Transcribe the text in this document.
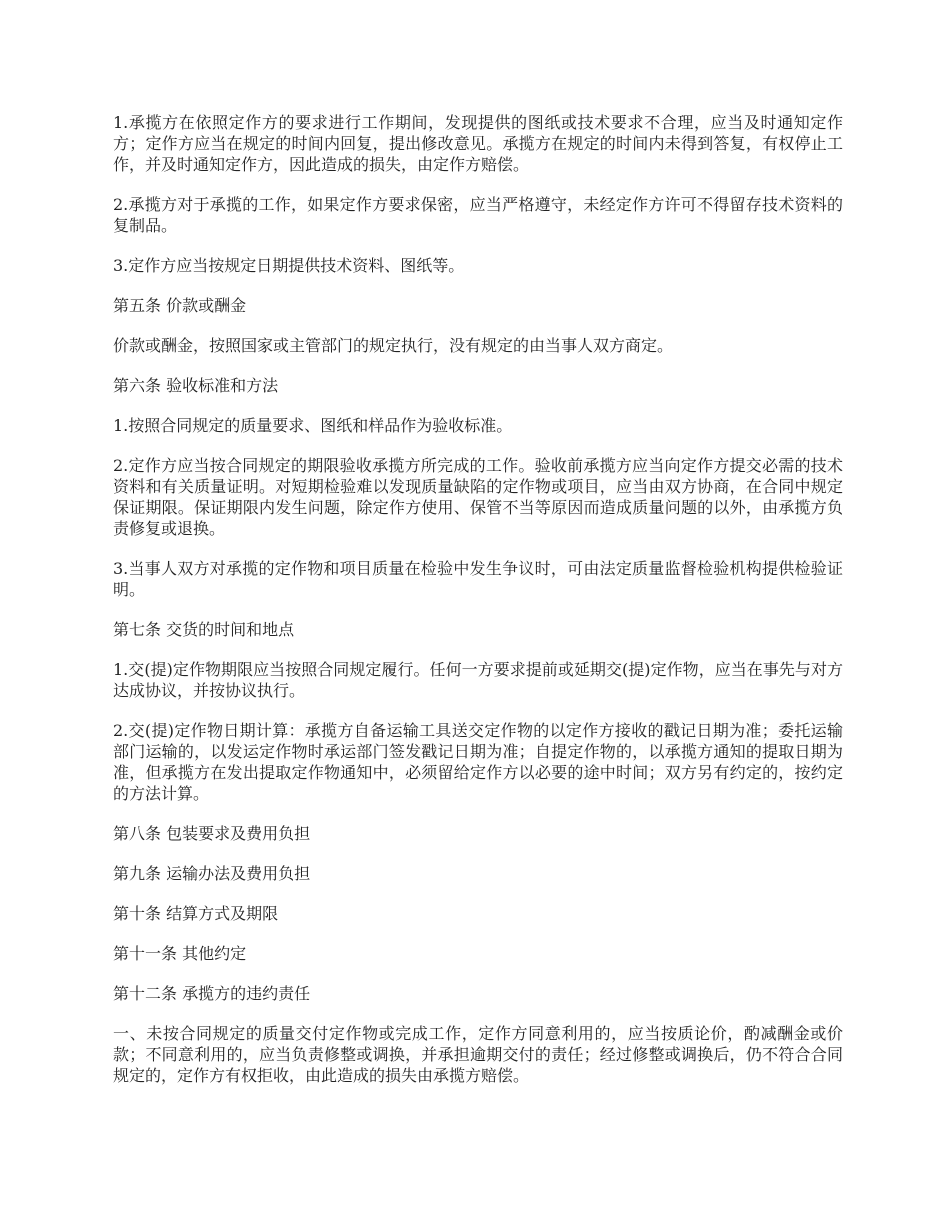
1.承揽方在依照定作方的要求进行工作期间，发现提供的图纸或技术要求不合理，应当及时通知定作方；定作方应当在规定的时间内回复，提出修改意见。承揽方在规定的时间内未得到答复，有权停止工作，并及时通知定作方，因此造成的损失，由定作方赔偿。

2.承揽方对于承揽的工作，如果定作方要求保密，应当严格遵守，未经定作方许可不得留存技术资料的复制品。

3.定作方应当按规定日期提供技术资料、图纸等。

第五条 价款或酬金

价款或酬金，按照国家或主管部门的规定执行，没有规定的由当事人双方商定。

第六条 验收标准和方法

1.按照合同规定的质量要求、图纸和样品作为验收标准。

2.定作方应当按合同规定的期限验收承揽方所完成的工作。验收前承揽方应当向定作方提交必需的技术资料和有关质量证明。对短期检验难以发现质量缺陷的定作物或项目，应当由双方协商，在合同中规定保证期限。保证期限内发生问题，除定作方使用、保管不当等原因而造成质量问题的以外，由承揽方负责修复或退换。

3.当事人双方对承揽的定作物和项目质量在检验中发生争议时，可由法定质量监督检验机构提供检验证明。

第七条 交货的时间和地点

1.交(提)定作物期限应当按照合同规定履行。任何一方要求提前或延期交(提)定作物，应当在事先与对方达成协议，并按协议执行。

2.交(提)定作物日期计算：承揽方自备运输工具送交定作物的以定作方接收的戳记日期为准；委托运输部门运输的，以发运定作物时承运部门签发戳记日期为准；自提定作物的，以承揽方通知的提取日期为准，但承揽方在发出提取定作物通知中，必须留给定作方以必要的途中时间；双方另有约定的，按约定的方法计算。

第八条 包装要求及费用负担

第九条 运输办法及费用负担

第十条 结算方式及期限

第十一条 其他约定

第十二条 承揽方的违约责任

一、未按合同规定的质量交付定作物或完成工作，定作方同意利用的，应当按质论价，酌减酬金或价款；不同意利用的，应当负责修整或调换，并承担逾期交付的责任；经过修整或调换后，仍不符合合同规定的，定作方有权拒收，由此造成的损失由承揽方赔偿。
